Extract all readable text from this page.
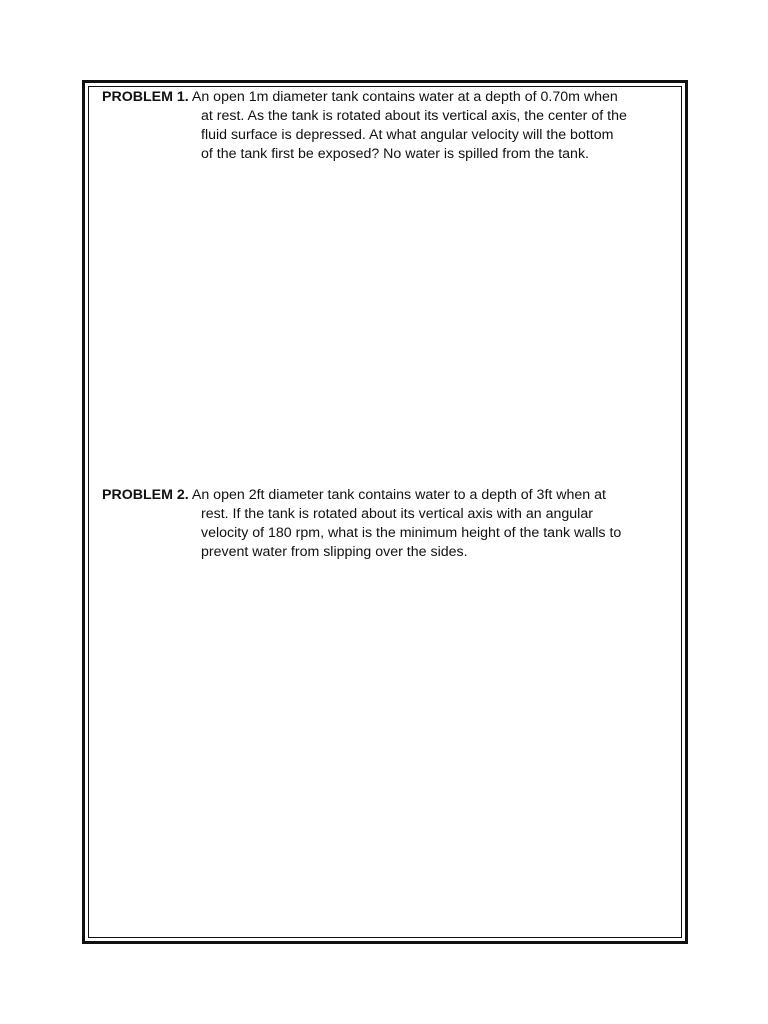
PROBLEM 1. An open 1m diameter tank contains water at a depth of 0.70m when
at rest. As the tank is rotated about its vertical axis, the center of the
fluid surface is depressed. At what angular velocity will the bottom
of the tank first be exposed? No water is spilled from the tank.
PROBLEM 2. An open 2ft diameter tank contains water to a depth of 3ft when at
rest. If the tank is rotated about its vertical axis with an angular
velocity of 180 rpm, what is the minimum height of the tank walls to
prevent water from slipping over the sides.
